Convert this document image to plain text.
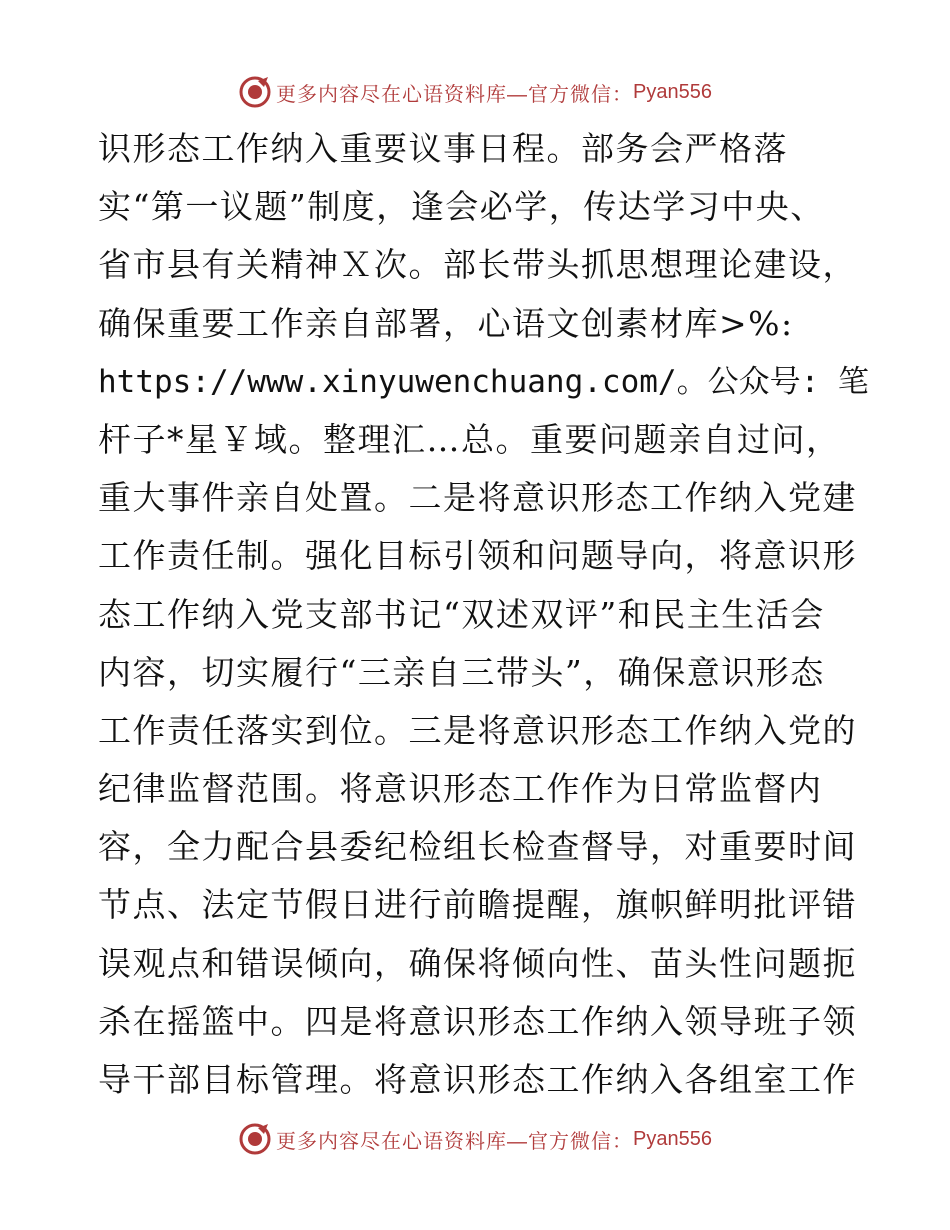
更多内容尽在心语资料库—官方微信： Pyan556
识形态工作纳入重要议事日程。部务会严格落
实“第一议题”制度，逢会必学，传达学习中央、
省市县有关精神Ｘ次。部长带头抓思想理论建设，
确保重要工作亲自部署，心语文创素材库>%:
https://www.xinyuwenchuang.com/。公众号: 笔
杆子*星￥域。整理汇…总。重要问题亲自过问，
重大事件亲自处置。二是将意识形态工作纳入党建
工作责任制。强化目标引领和问题导向，将意识形
态工作纳入党支部书记“双述双评”和民主生活会
内容，切实履行“三亲自三带头”，确保意识形态
工作责任落实到位。三是将意识形态工作纳入党的
纪律监督范围。将意识形态工作作为日常监督内
容，全力配合县委纪检组长检查督导，对重要时间
节点、法定节假日进行前瞻提醒，旗帜鲜明批评错
误观点和错误倾向，确保将倾向性、苗头性问题扼
杀在摇篮中。四是将意识形态工作纳入领导班子领
导干部目标管理。将意识形态工作纳入各组室工作
更多内容尽在心语资料库—官方微信： Pyan556
